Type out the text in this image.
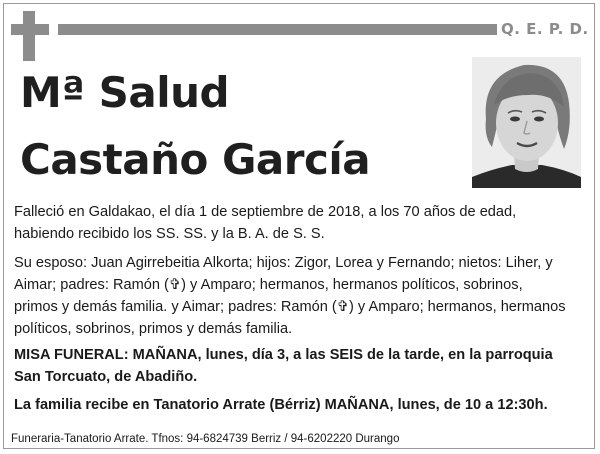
Q. E. P. D.
Mª Salud
Castaño García
Falleció en Galdakao, el día 1 de septiembre de 2018, a los 70 años de edad,
habiendo recibido los SS. SS. y la B. A. de S. S.
Su esposo: Juan Agirrebeitia Alkorta; hijos: Zigor, Lorea y Fernando; nietos: Liher, y
Aimar; padres: Ramón (✞) y Amparo; hermanos, hermanos políticos, sobrinos,
primos y demás familia. y Aimar; padres: Ramón (✞) y Amparo; hermanos, hermanos
políticos, sobrinos, primos y demás familia.
MISA FUNERAL: MAÑANA, lunes, día 3, a las SEIS de la tarde, en la parroquia
San Torcuato, de Abadiño.
La familia recibe en Tanatorio Arrate (Bérriz) MAÑANA, lunes, de 10 a 12:30h.
Funeraria-Tanatorio Arrate. Tfnos: 94-6824739 Berriz / 94-6202220 Durango
